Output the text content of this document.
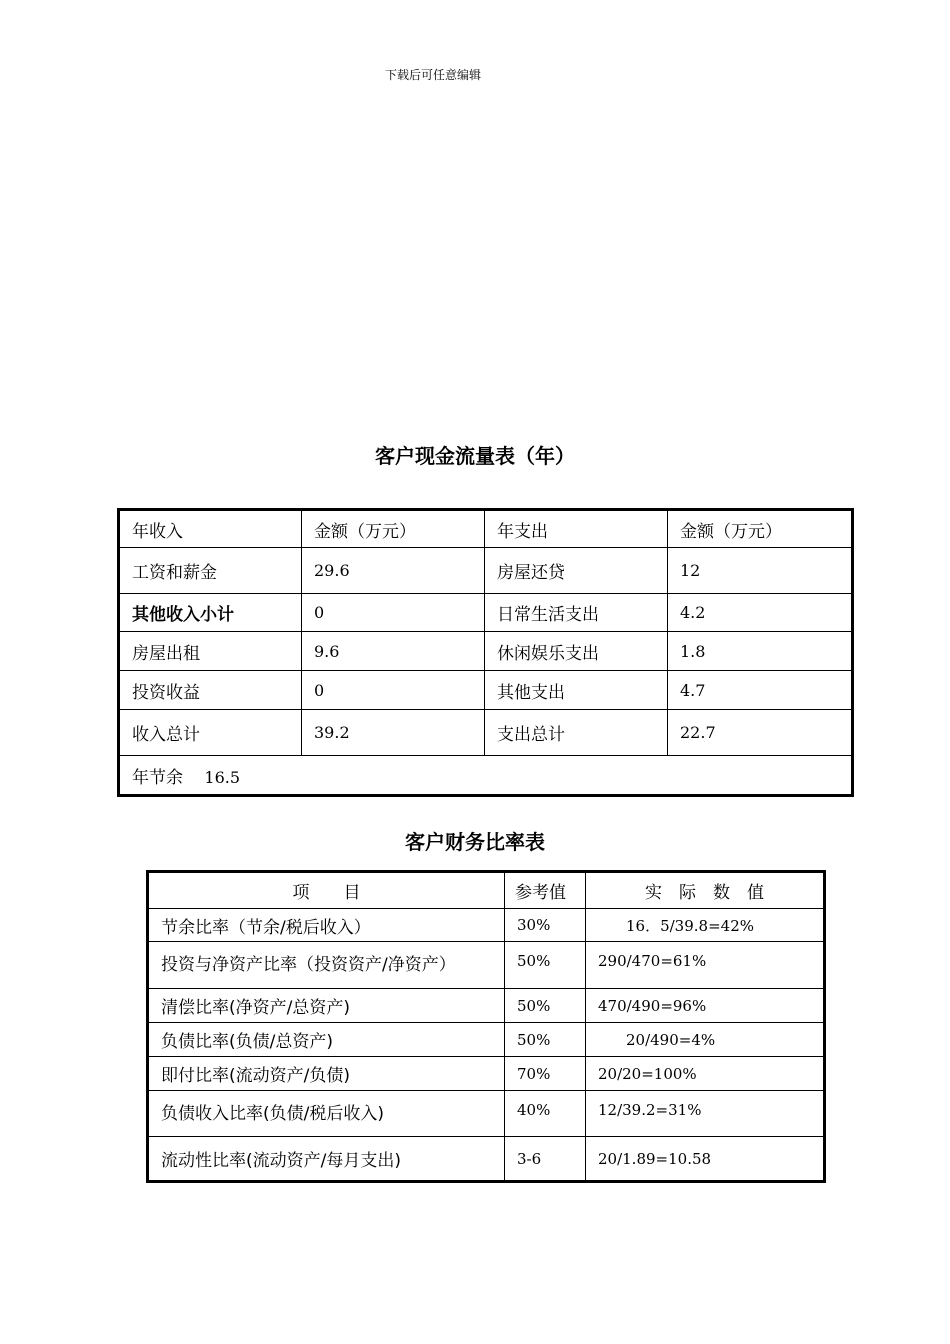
下载后可任意编辑
客户现金流量表（年）
年收入	金额（万元）	年支出	金额（万元）
工资和薪金	29.6	房屋还贷	12
其他收入小计	0	日常生活支出	4.2
房屋出租	9.6	休闲娱乐支出	1.8
投资收益	0	其他支出	4.7
收入总计	39.2	支出总计	22.7
年节余 16.5			
客户财务比率表
项　　目	参考值	实　际　数　值
节余比率（节余/税后收入）	30%	16．5/39.8=42%
投资与净资产比率（投资资产/净资产）	50%	290/470=61%
清偿比率(净资产/总资产)	50%	470/490=96%
负债比率(负债/总资产)	50%	20/490=4%
即付比率(流动资产/负债)	70%	20/20=100%
负债收入比率(负债/税后收入)	40%	12/39.2=31%
流动性比率(流动资产/每月支出)	3-6	20/1.89=10.58
